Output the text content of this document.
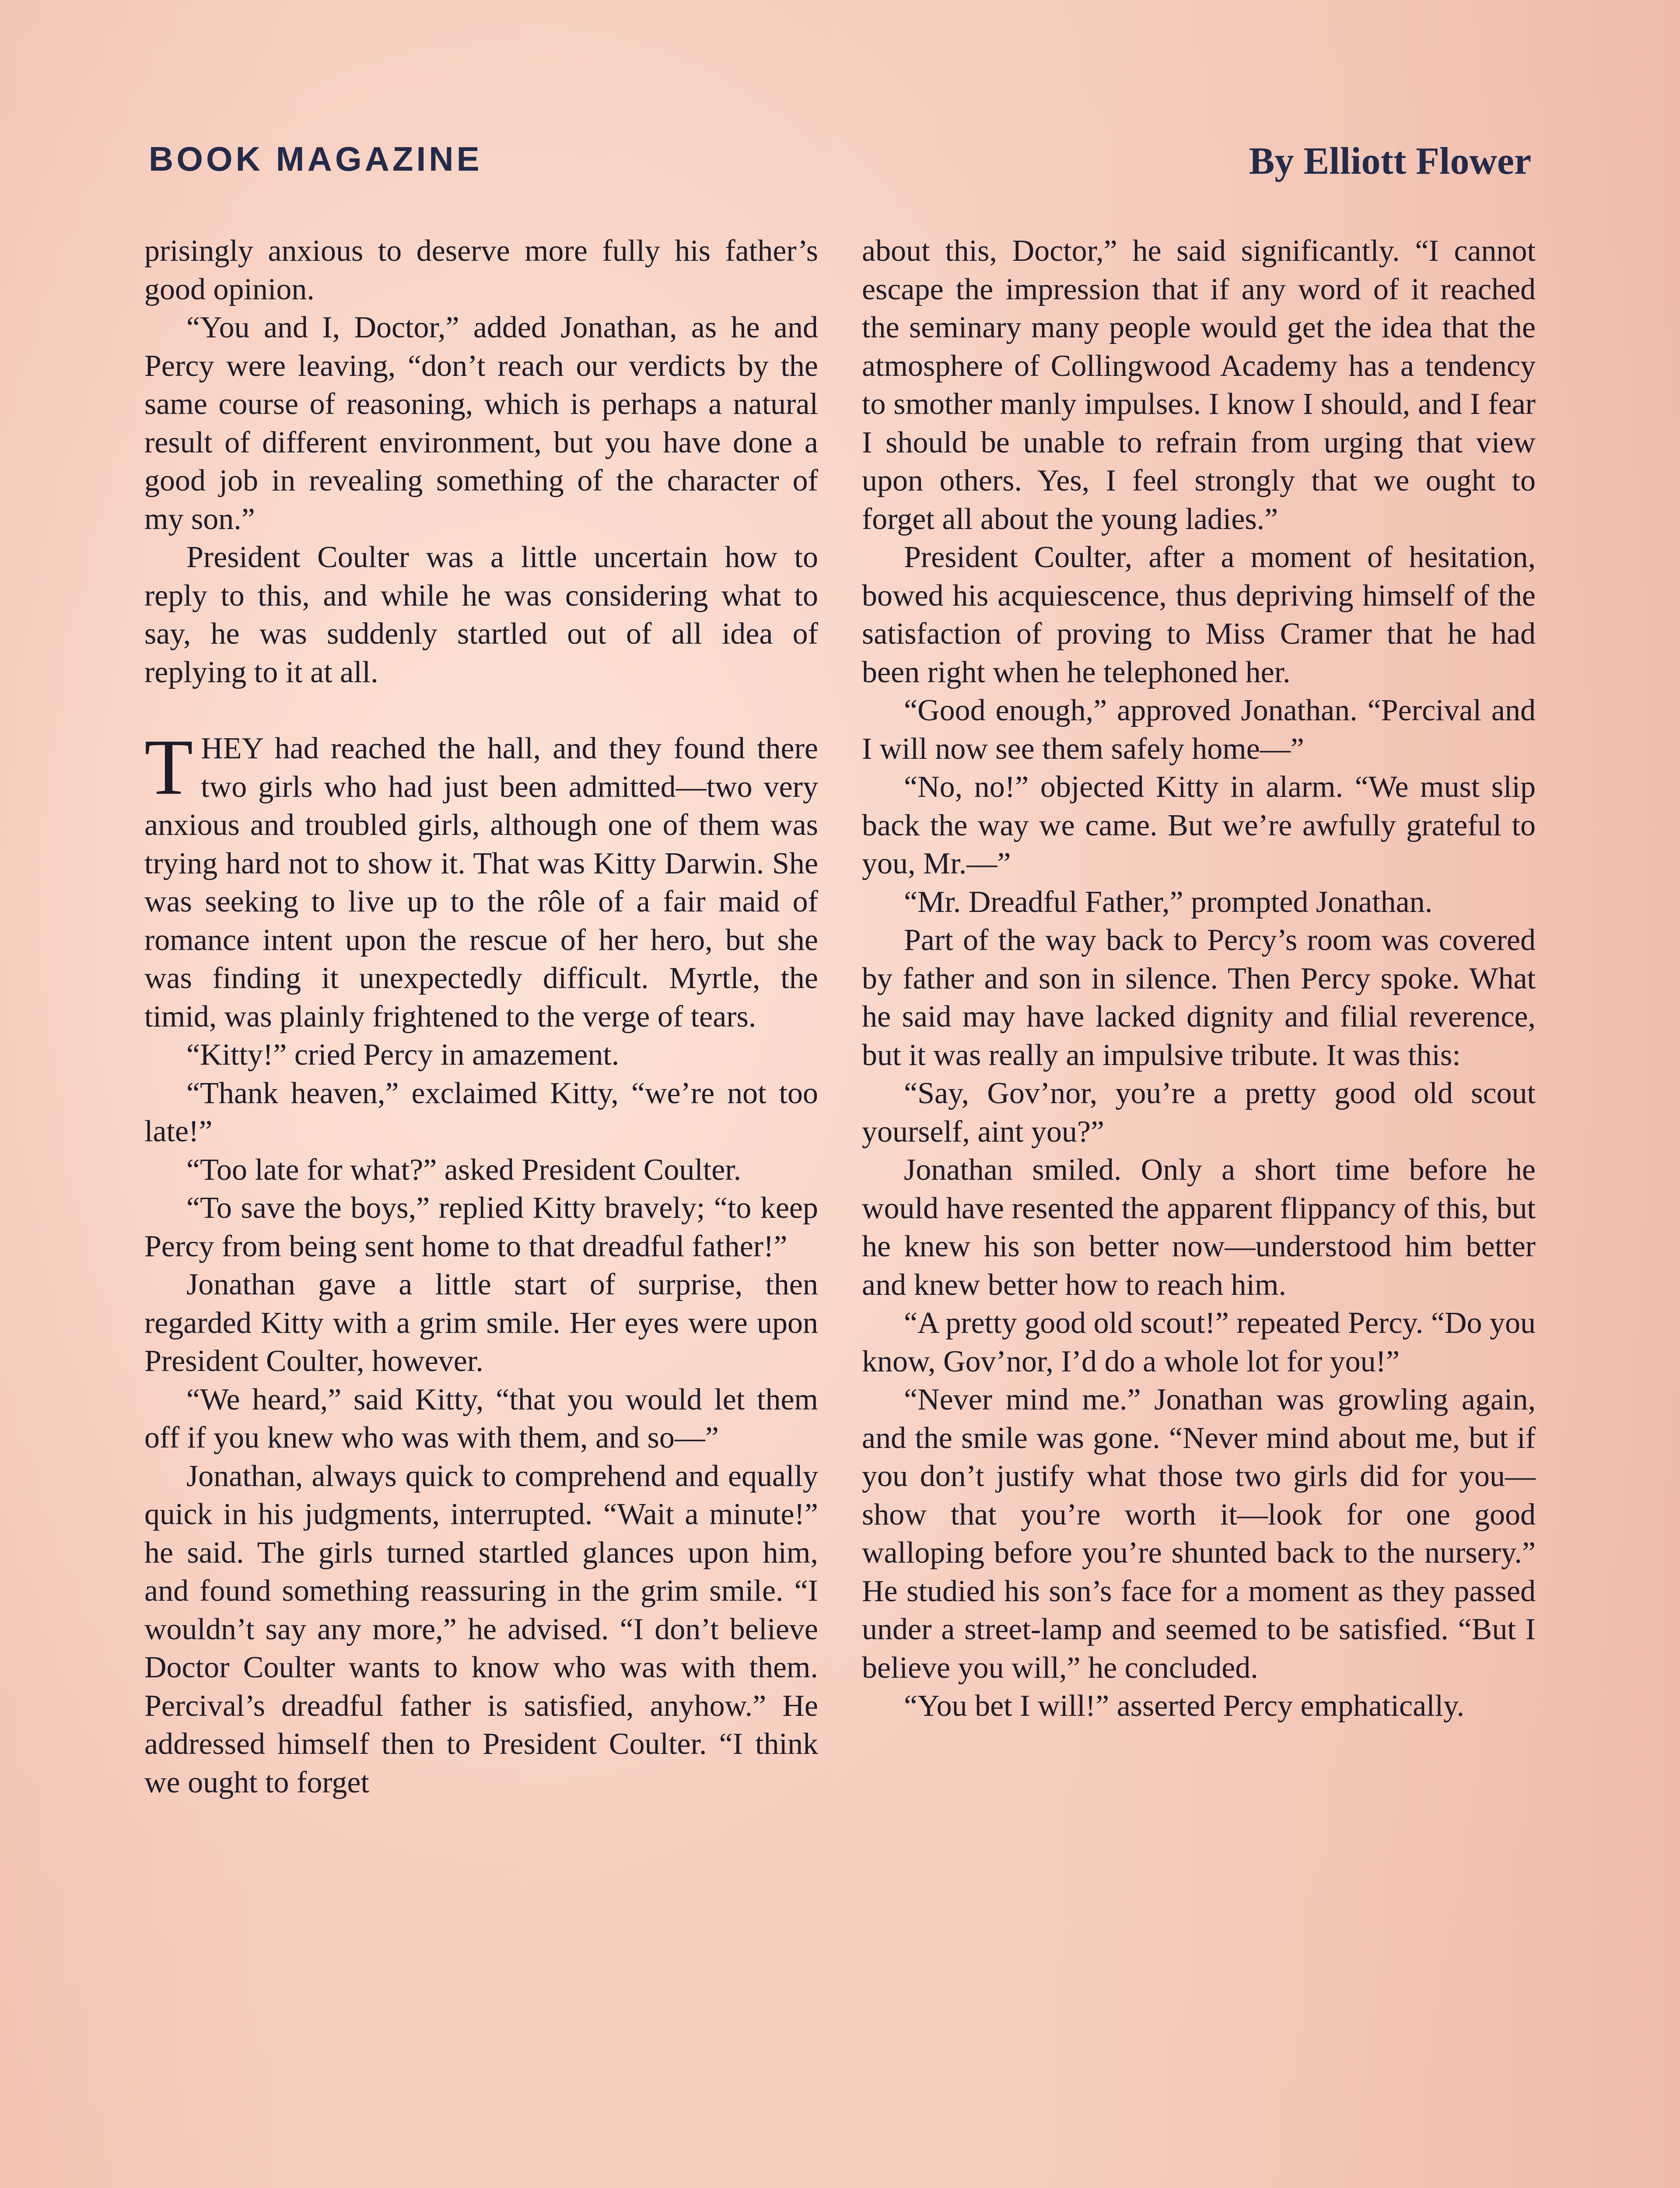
BOOK MAGAZINE	By Elliott Flower

prisingly anxious to deserve more fully his father’s good opinion.

“You and I, Doctor,” added Jonathan, as he and Percy were leaving, “don’t reach our verdicts by the same course of reasoning, which is perhaps a natural result of different environment, but you have done a good job in revealing something of the character of my son.”

President Coulter was a little uncertain how to reply to this, and while he was considering what to say, he was suddenly startled out of all idea of replying to it at all.

THEY had reached the hall, and they found there two girls who had just been admitted—two very anxious and troubled girls, although one of them was trying hard not to show it. That was Kitty Darwin. She was seeking to live up to the rôle of a fair maid of romance intent upon the rescue of her hero, but she was finding it unexpectedly difficult. Myrtle, the timid, was plainly frightened to the verge of tears.

“Kitty!” cried Percy in amazement.

“Thank heaven,” exclaimed Kitty, “we’re not too late!”

“Too late for what?” asked President Coulter.

“To save the boys,” replied Kitty bravely; “to keep Percy from being sent home to that dreadful father!”

Jonathan gave a little start of surprise, then regarded Kitty with a grim smile. Her eyes were upon President Coulter, however.

“We heard,” said Kitty, “that you would let them off if you knew who was with them, and so—”

Jonathan, always quick to comprehend and equally quick in his judgments, interrupted. “Wait a minute!” he said. The girls turned startled glances upon him, and found something reassuring in the grim smile. “I wouldn’t say any more,” he advised. “I don’t believe Doctor Coulter wants to know who was with them. Percival’s dreadful father is satisfied, anyhow.” He addressed himself then to President Coulter. “I think we ought to forget

about this, Doctor,” he said significantly. “I cannot escape the impression that if any word of it reached the seminary many people would get the idea that the atmosphere of Collingwood Academy has a tendency to smother manly impulses. I know I should, and I fear I should be unable to refrain from urging that view upon others. Yes, I feel strongly that we ought to forget all about the young ladies.”

President Coulter, after a moment of hesitation, bowed his acquiescence, thus depriving himself of the satisfaction of proving to Miss Cramer that he had been right when he telephoned her.

“Good enough,” approved Jonathan. “Percival and I will now see them safely home—”

“No, no!” objected Kitty in alarm. “We must slip back the way we came. But we’re awfully grateful to you, Mr.—”

“Mr. Dreadful Father,” prompted Jonathan.

Part of the way back to Percy’s room was covered by father and son in silence. Then Percy spoke. What he said may have lacked dignity and filial reverence, but it was really an impulsive tribute. It was this:

“Say, Gov’nor, you’re a pretty good old scout yourself, aint you?”

Jonathan smiled. Only a short time before he would have resented the apparent flippancy of this, but he knew his son better now—understood him better and knew better how to reach him.

“A pretty good old scout!” repeated Percy. “Do you know, Gov’nor, I’d do a whole lot for you!”

“Never mind me.” Jonathan was growling again, and the smile was gone. “Never mind about me, but if you don’t justify what those two girls did for you—show that you’re worth it—look for one good walloping before you’re shunted back to the nursery.” He studied his son’s face for a moment as they passed under a street-lamp and seemed to be satisfied. “But I believe you will,” he concluded.

“You bet I will!” asserted Percy emphatically.
